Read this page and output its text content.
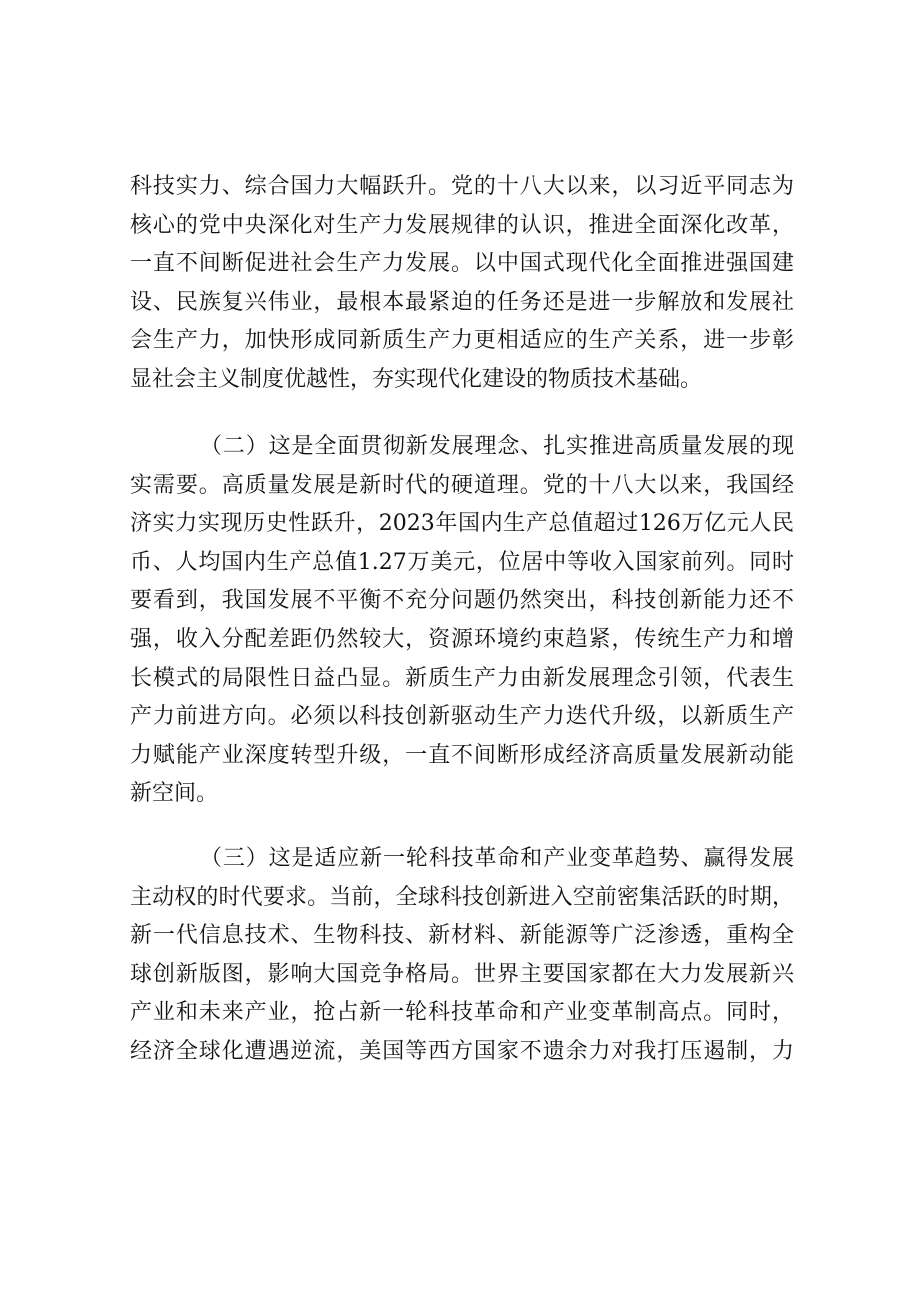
科技实力、综合国力大幅跃升。党的十八大以来，以习近平同志为
核心的党中央深化对生产力发展规律的认识，推进全面深化改革，
一直不间断促进社会生产力发展。以中国式现代化全面推进强国建
设、民族复兴伟业，最根本最紧迫的任务还是进一步解放和发展社
会生产力，加快形成同新质生产力更相适应的生产关系，进一步彰
显社会主义制度优越性，夯实现代化建设的物质技术基础。
（二）这是全面贯彻新发展理念、扎实推进高质量发展的现
实需要。高质量发展是新时代的硬道理。党的十八大以来，我国经
济实力实现历史性跃升，2023年国内生产总值超过126万亿元人民
币、人均国内生产总值1.27万美元，位居中等收入国家前列。同时
要看到，我国发展不平衡不充分问题仍然突出，科技创新能力还不
强，收入分配差距仍然较大，资源环境约束趋紧，传统生产力和增
长模式的局限性日益凸显。新质生产力由新发展理念引领，代表生
产力前进方向。必须以科技创新驱动生产力迭代升级，以新质生产
力赋能产业深度转型升级，一直不间断形成经济高质量发展新动能
新空间。
（三）这是适应新一轮科技革命和产业变革趋势、赢得发展
主动权的时代要求。当前，全球科技创新进入空前密集活跃的时期，
新一代信息技术、生物科技、新材料、新能源等广泛渗透，重构全
球创新版图，影响大国竞争格局。世界主要国家都在大力发展新兴
产业和未来产业，抢占新一轮科技革命和产业变革制高点。同时，
经济全球化遭遇逆流，美国等西方国家不遗余力对我打压遏制，力
